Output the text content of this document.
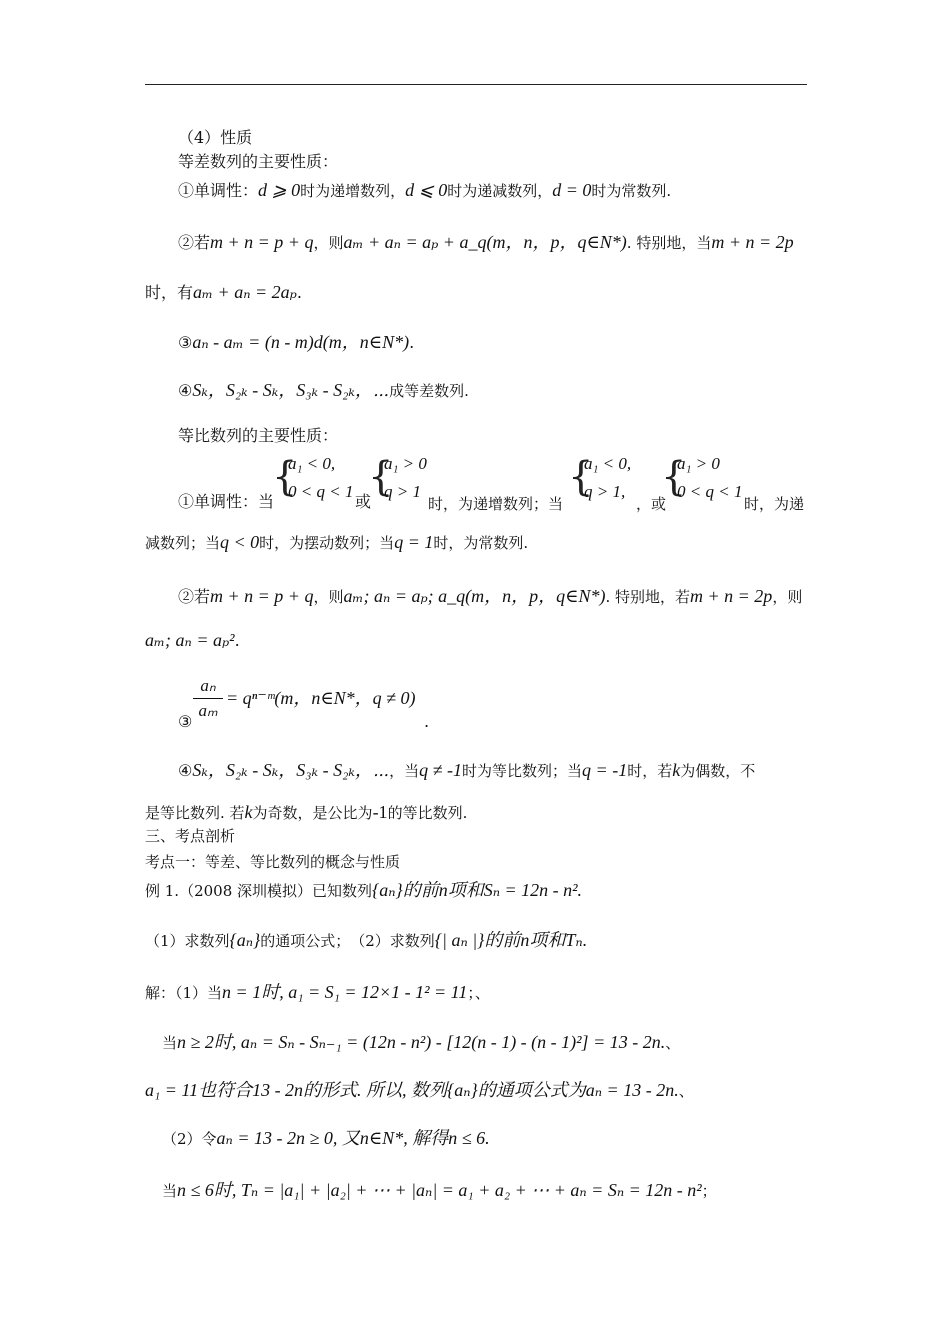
（4）性质
等差数列的主要性质：
①单调性：d ⩾ 0时为递增数列，d ⩽ 0时为递减数列，d = 0时为常数列.
②若m + n = p + q，则aₘ + aₙ = aₚ + a_q(m，n，p，q∈N*). 特别地，当m + n = 2p
时，有aₘ + aₙ = 2aₚ.
③aₙ - aₘ = (n - m)d(m，n∈N*).
④Sₖ，S₂ₖ - Sₖ，S₃ₖ - S₂ₖ，⋯成等差数列.
等比数列的主要性质：
①单调性：当
{
a₁ < 0,
0 < q < 1
或
{
a₁ > 0
q > 1
时，为递增数列；当
{
a₁ < 0,
q > 1,
，或
{
a₁ > 0
0 < q < 1
时，为递
减数列；当q < 0时，为摆动数列；当q = 1时，为常数列.
②若m + n = p + q，则aₘ; aₙ = aₚ; a_q(m，n，p，q∈N*). 特别地，若m + n = 2p，则
aₘ; aₙ = aₚ².
aₙ
aₘ
③
= qⁿ⁻ᵐ(m，n∈N*，q ≠ 0)
.
④Sₖ，S₂ₖ - Sₖ，S₃ₖ - S₂ₖ，⋯，当q ≠ -1时为等比数列；当q = -1时，若k为偶数，不
是等比数列. 若k为奇数，是公比为-1的等比数列.
三、考点剖析
考点一：等差、等比数列的概念与性质
例 1.（2008 深圳模拟）已知数列{aₙ}的前n项和Sₙ = 12n - n².
（1）求数列{aₙ}的通项公式；　（2）求数列{| aₙ |}的前n项和Tₙ.
解：（1）当n = 1时, a₁ = S₁ = 12×1 - 1² = 11；、
当n ≥ 2时, aₙ = Sₙ - Sₙ₋₁ = (12n - n²) - [12(n - 1) - (n - 1)²] = 13 - 2n.、
a₁ = 11也符合13 - 2n的形式. 所以, 数列{aₙ}的通项公式为aₙ = 13 - 2n.、
（2）令aₙ = 13 - 2n ≥ 0, 又n∈N*, 解得n ≤ 6.
当n ≤ 6时, Tₙ = |a₁| + |a₂| + ⋯ + |aₙ| = a₁ + a₂ + ⋯ + aₙ = Sₙ = 12n - n²；
